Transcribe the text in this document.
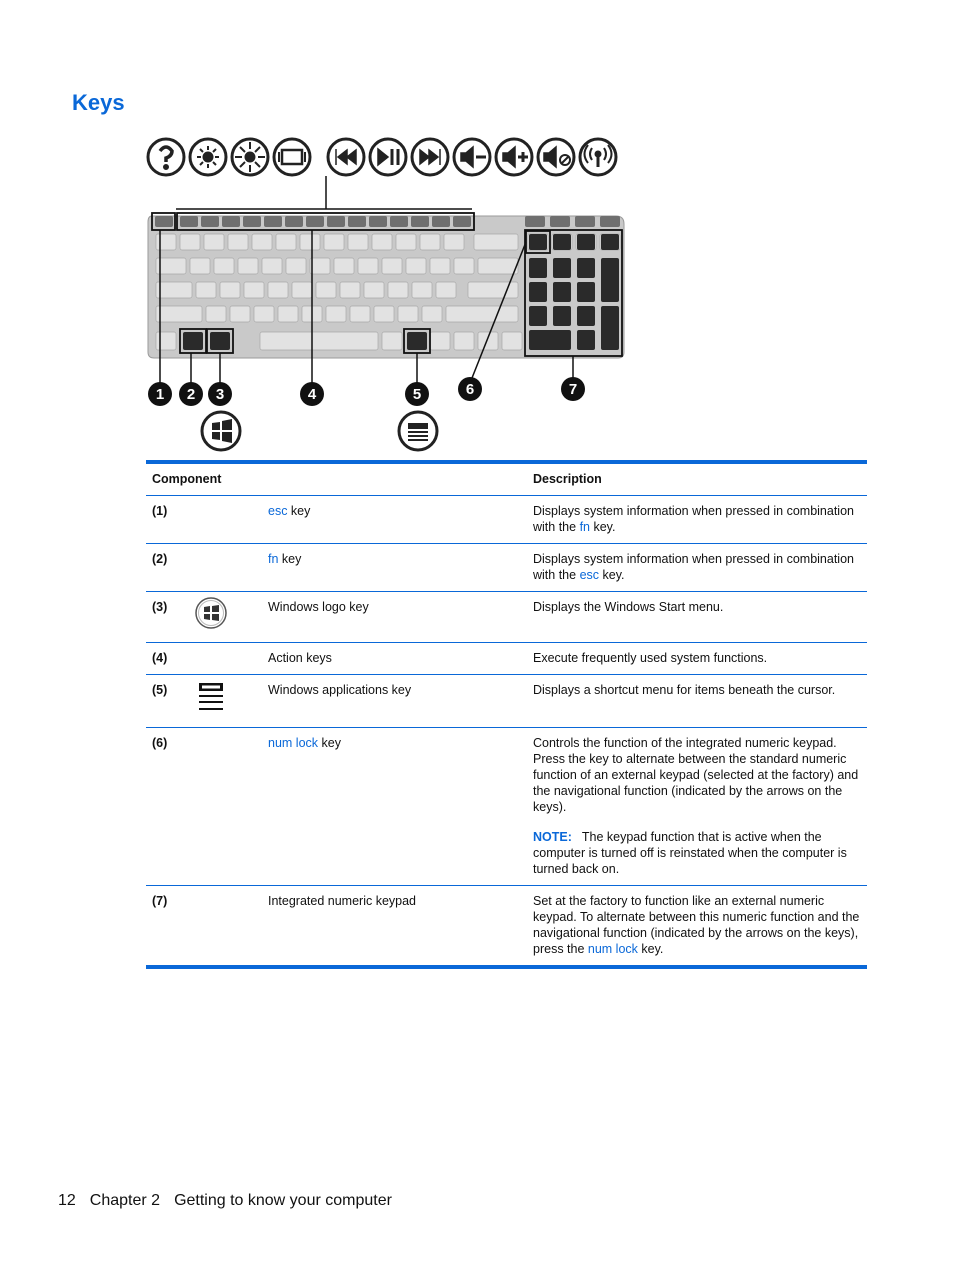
Keys
1 2 3	4	5	6	7
Component			Description
(1)		esc key	Displays system information when pressed in combination with the fn key.
(2)		fn key	Displays system information when pressed in combination with the esc key.
(3)		Windows logo key	Displays the Windows Start menu.
(4)		Action keys	Execute frequently used system functions.
(5)		Windows applications key	Displays a shortcut menu for items beneath the cursor.
(6)		num lock key	Controls the function of the integrated numeric keypad. Press the key to alternate between the standard numeric function of an external keypad (selected at the factory) and the navigational function (indicated by the arrows on the keys).

NOTE: The keypad function that is active when the computer is turned off is reinstated when the computer is turned back on.

(7)		Integrated numeric keypad	Set at the factory to function like an external numeric keypad. To alternate between this numeric function and the navigational function (indicated by the arrows on the keys), press the num lock key.
12 Chapter 2 Getting to know your computer
